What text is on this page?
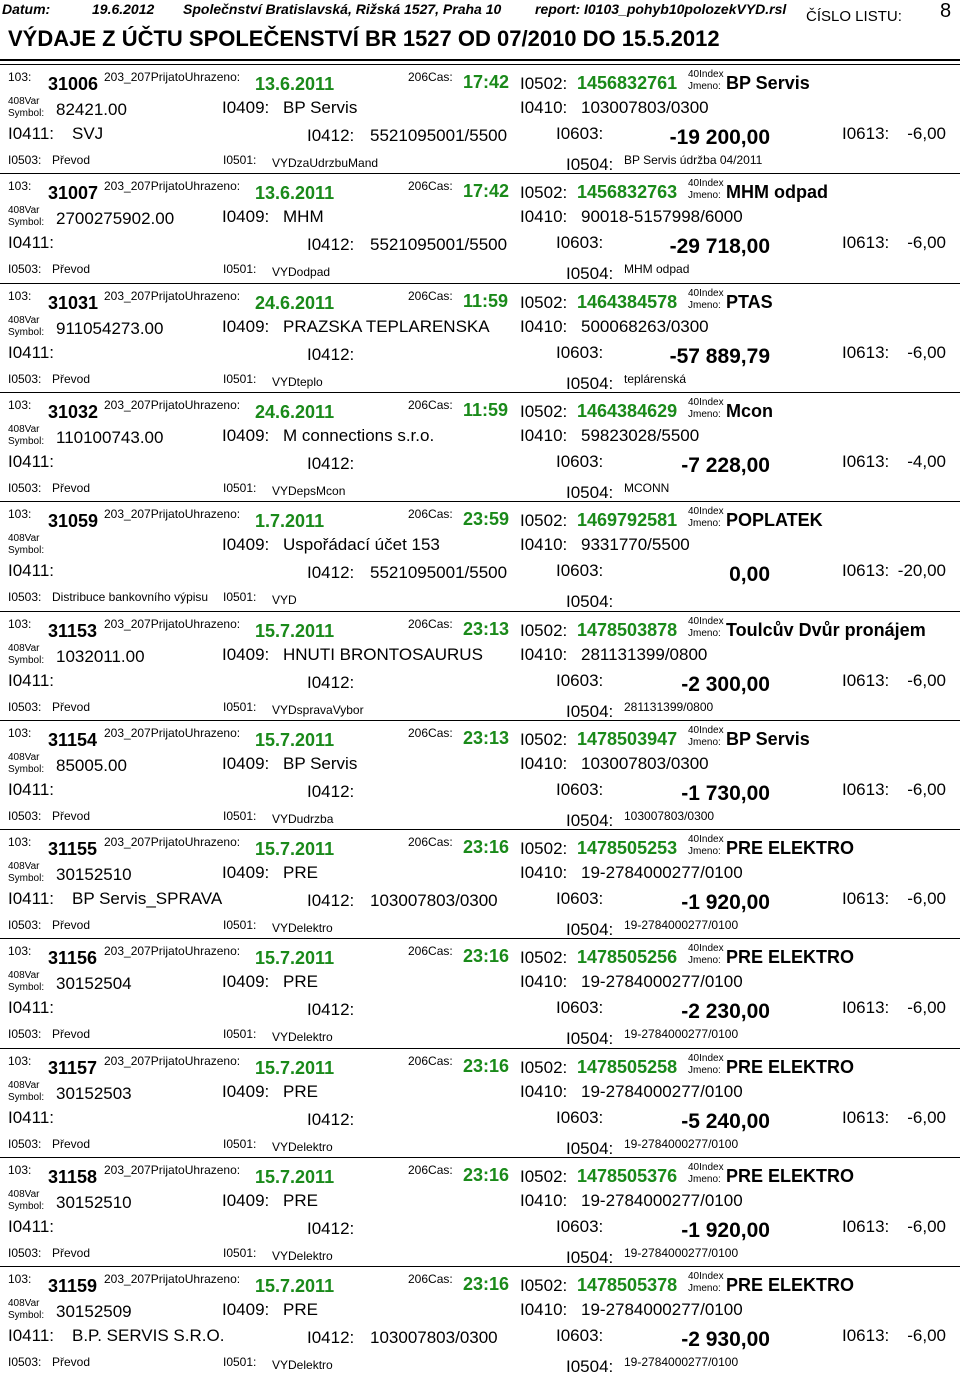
Datum:	19.6.2012 Společnství Bratislavská, Rižská 1527, Praha 10 report: I0103_pohyb10polozekVYD.rsl
VÝDAJE Z ÚČTU SPOLEČENSTVÍ BR 1527 OD 07/2010 DO 15.5.2012
ČÍSLO LISTU: 8
103: 31006 203_207PrijatoUhrazeno: 13.6.2011	206Cas: 17:42 I0502: 1456832761 40Index
Jmeno: BP Servis
408Var
Symbol: 82421.00	I0409: BP Servis	I0410: 103007803/0300
I0411: SVJ	I0412: 5521095001/5500	I0603:	-19 200,00	I0613:	-6,00
I0503: Převod	I0501: VYDzaUdrzbuMand	I0504: BP Servis údržba 04/2011
103: 31007 203_207PrijatoUhrazeno: 13.6.2011	206Cas: 17:42 I0502: 1456832763 40Index
Jmeno: MHM odpad
408Var
Symbol: 2700275902.00	I0409: MHM	I0410: 90018-5157998/6000
I0411:	I0412: 5521095001/5500	I0603:	-29 718,00	I0613:	-6,00
I0503: Převod	I0501: VYDodpad	I0504: MHM odpad
103: 31031 203_207PrijatoUhrazeno: 24.6.2011	206Cas: 11:59 I0502: 1464384578 40Index
Jmeno: PTAS
408Var
Symbol: 911054273.00	I0409: PRAZSKA TEPLARENSKA I0410: 500068263/0300
I0411:	I0412:	I0603:	-57 889,79	I0613:	-6,00
I0503: Převod	I0501: VYDteplo	I0504: teplárenská
103: 31032 203_207PrijatoUhrazeno: 24.6.2011	206Cas: 11:59 I0502: 1464384629 40Index
Jmeno: Mcon
408Var
Symbol: 110100743.00	I0409: M connections s.r.o.	I0410: 59823028/5500
I0411:	I0412:	I0603:	-7 228,00	I0613:	-4,00
I0503: Převod	I0501: VYDepsMcon	I0504: MCONN
103: 31059 203_207PrijatoUhrazeno: 1.7.2011	206Cas: 23:59 I0502: 1469792581 40Index
Jmeno: POPLATEK
408Var
Symbol:	I0409: Uspořádací účet 153	I0410: 9331770/5500
I0411:	I0412: 5521095001/5500	I0603:	0,00	I0613: -20,00
I0503: Distribuce bankovního výpisu I0501: VYD	I0504:
103: 31153 203_207PrijatoUhrazeno: 15.7.2011	206Cas: 23:13 I0502: 1478503878 40Index
Jmeno: Toulcův Dvůr pronájem
408Var
Symbol: 1032011.00	I0409: HNUTI BRONTOSAURUS I0410: 281131399/0800
I0411:	I0412:	I0603:	-2 300,00	I0613:	-6,00
I0503: Převod	I0501: VYDspravaVybor	I0504: 281131399/0800
103: 31154 203_207PrijatoUhrazeno: 15.7.2011	206Cas: 23:13 I0502: 1478503947 40Index
Jmeno: BP Servis
408Var
Symbol: 85005.00	I0409: BP Servis	I0410: 103007803/0300
I0411:	I0412:	I0603:	-1 730,00	I0613:	-6,00
I0503: Převod	I0501: VYDudrzba	I0504: 103007803/0300
103: 31155 203_207PrijatoUhrazeno: 15.7.2011	206Cas: 23:16 I0502: 1478505253 40Index
Jmeno: PRE ELEKTRO
408Var
Symbol: 30152510	I0409: PRE	I0410: 19-2784000277/0100
I0411: BP Servis_SPRAVA	I0412: 103007803/0300	I0603:	-1 920,00	I0613:	-6,00
I0503: Převod	I0501: VYDelektro	I0504: 19-2784000277/0100
103: 31156 203_207PrijatoUhrazeno: 15.7.2011	206Cas: 23:16 I0502: 1478505256 40Index
Jmeno: PRE ELEKTRO
408Var
Symbol: 30152504	I0409: PRE	I0410: 19-2784000277/0100
I0411:	I0412:	I0603:	-2 230,00	I0613:	-6,00
I0503: Převod	I0501: VYDelektro	I0504: 19-2784000277/0100
103: 31157 203_207PrijatoUhrazeno: 15.7.2011	206Cas: 23:16 I0502: 1478505258 40Index
Jmeno: PRE ELEKTRO
408Var
Symbol: 30152503	I0409: PRE	I0410: 19-2784000277/0100
I0411:	I0412:	I0603:	-5 240,00	I0613:	-6,00
I0503: Převod	I0501: VYDelektro	I0504: 19-2784000277/0100
103: 31158 203_207PrijatoUhrazeno: 15.7.2011	206Cas: 23:16 I0502: 1478505376 40Index
Jmeno: PRE ELEKTRO
408Var
Symbol: 30152510	I0409: PRE	I0410: 19-2784000277/0100
I0411:	I0412:	I0603:	-1 920,00	I0613:	-6,00
I0503: Převod	I0501: VYDelektro	I0504: 19-2784000277/0100
103: 31159 203_207PrijatoUhrazeno: 15.7.2011	206Cas: 23:16 I0502: 1478505378 40Index
Jmeno: PRE ELEKTRO
408Var
Symbol: 30152509	I0409: PRE	I0410: 19-2784000277/0100
I0411: B.P. SERVIS S.R.O.	I0412: 103007803/0300	I0603:	-2 930,00	I0613:	-6,00
I0503: Převod	I0501: VYDelektro	I0504: 19-2784000277/0100
